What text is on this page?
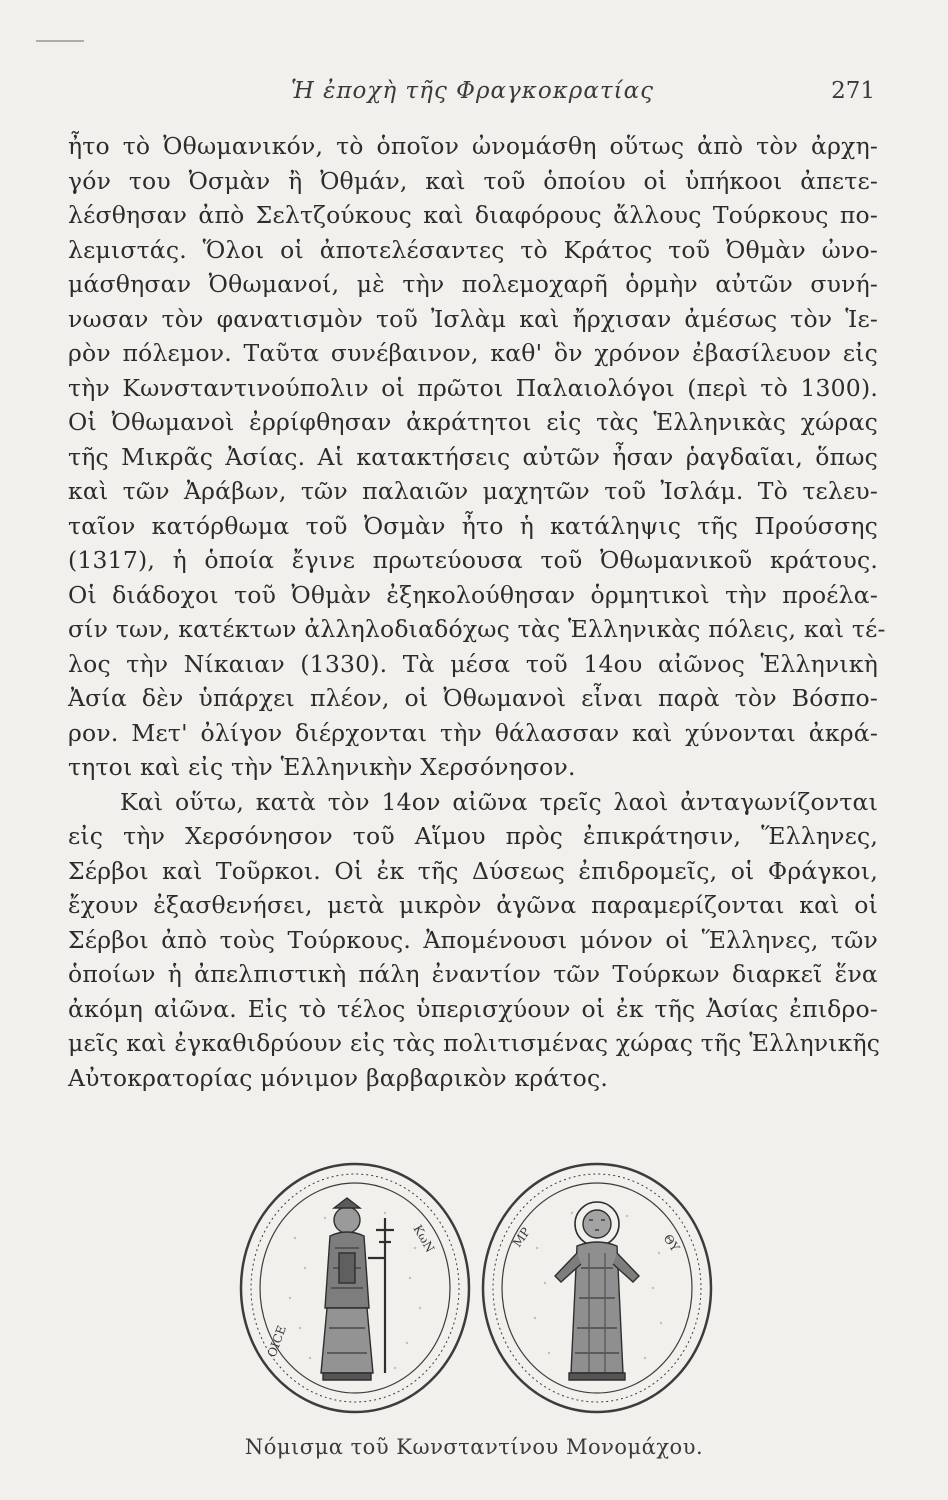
Ἡ ἐποχὴ τῆς Φραγκοκρατίας	271
ἦτο τὸ Ὀθωμανικόν, τὸ ὁποῖον ὠνομάσθη οὕτως ἀπὸ τὸν ἀρχη-
γόν του Ὀσμὰν ἢ Ὀθμάν, καὶ τοῦ ὁποίου οἱ ὑπήκοοι ἀπετε-
λέσθησαν ἀπὸ Σελτζούκους καὶ διαφόρους ἄλλους Τούρκους πο-
λεμιστάς. Ὅλοι οἱ ἀποτελέσαντες τὸ Κράτος τοῦ Ὀθμὰν ὠνο-
μάσθησαν Ὀθωμανοί, μὲ τὴν πολεμοχαρῆ ὁρμὴν αὐτῶν συνή-
νωσαν τὸν φανατισμὸν τοῦ Ἰσλὰμ καὶ ἤρχισαν ἀμέσως τὸν Ἱε-
ρὸν πόλεμον. Ταῦτα συνέβαινον, καθ' ὃν χρόνον ἐβασίλευον εἰς
τὴν Κωνσταντινούπολιν οἱ πρῶτοι Παλαιολόγοι (περὶ τὸ 1300).
Οἱ Ὀθωμανοὶ ἐρρίφθησαν ἀκράτητοι εἰς τὰς Ἑλληνικὰς χώρας
τῆς Μικρᾶς Ἀσίας. Αἱ κατακτήσεις αὐτῶν ἦσαν ῥαγδαῖαι, ὅπως
καὶ τῶν Ἀράβων, τῶν παλαιῶν μαχητῶν τοῦ Ἰσλάμ. Τὸ τελευ-
ταῖον κατόρθωμα τοῦ Ὀσμὰν ἦτο ἡ κατάληψις τῆς Προύσσης
(1317), ἡ ὁποία ἔγινε πρωτεύουσα τοῦ Ὀθωμανικοῦ κράτους.
Οἱ διάδοχοι τοῦ Ὀθμὰν ἐξηκολούθησαν ὁρμητικοὶ τὴν προέλα-
σίν των, κατέκτων ἀλληλοδιαδόχως τὰς Ἑλληνικὰς πόλεις, καὶ τέ-
λος τὴν Νίκαιαν (1330). Τὰ μέσα τοῦ 14ου αἰῶνος Ἑλληνικὴ
Ἀσία δὲν ὑπάρχει πλέον, οἱ Ὀθωμανοὶ εἶναι παρὰ τὸν Βόσπο-
ρον. Μετ' ὀλίγον διέρχονται τὴν θάλασσαν καὶ χύνονται ἀκρά-
τητοι καὶ εἰς τὴν Ἑλληνικὴν Χερσόνησον.
Καὶ οὕτω, κατὰ τὸν 14ον αἰῶνα τρεῖς λαοὶ ἀνταγωνίζονται
εἰς τὴν Χερσόνησον τοῦ Αἵμου πρὸς ἐπικράτησιν, Ἕλληνες,
Σέρβοι καὶ Τοῦρκοι. Οἱ ἐκ τῆς Δύσεως ἐπιδρομεῖς, οἱ Φράγκοι,
ἔχουν ἐξασθενήσει, μετὰ μικρὸν ἀγῶνα παραμερίζονται καὶ οἱ
Σέρβοι ἀπὸ τοὺς Τούρκους. Ἀπομένουσι μόνον οἱ Ἕλληνες, τῶν
ὁποίων ἡ ἀπελπιστικὴ πάλη ἐναντίον τῶν Τούρκων διαρκεῖ ἕνα
ἀκόμη αἰῶνα. Εἰς τὸ τέλος ὑπερισχύουν οἱ ἐκ τῆς Ἀσίας ἐπιδρο-
μεῖς καὶ ἐγκαθιδρύουν εἰς τὰς πολιτισμένας χώρας τῆς Ἑλληνικῆς
Αὐτοκρατορίας μόνιμον βαρβαρικὸν κράτος.
ΟΙϹΕ
ΚωΝ	ΜΡ	ΘΥ
Νόμισμα τοῦ Κωνσταντίνου Μονομάχου.
